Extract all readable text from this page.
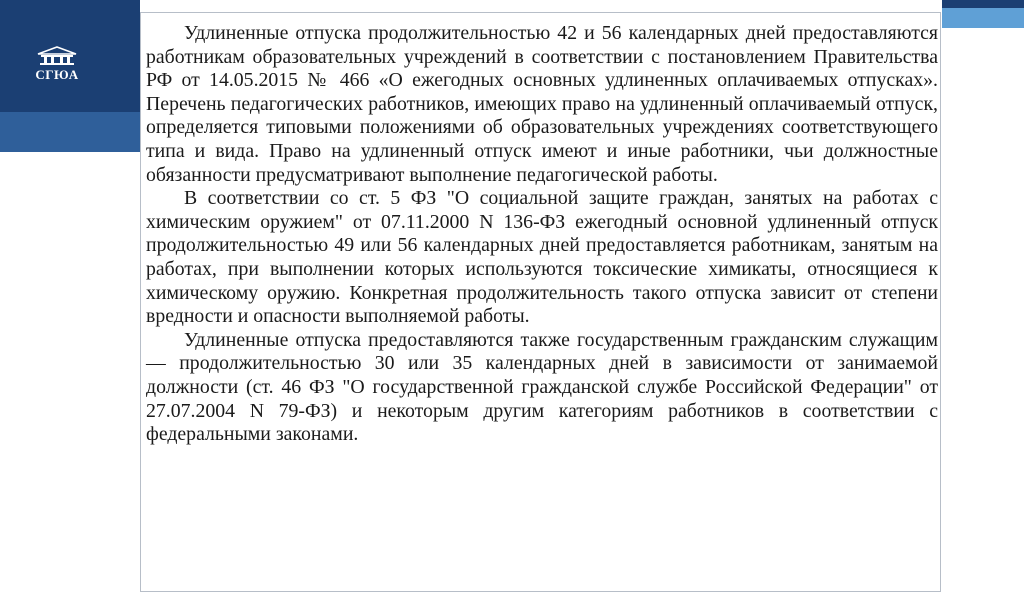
СГЮА

Удлиненные отпуска продолжительностью 42 и 56 календарных дней предоставляются работникам образовательных учреждений в соответствии с постановлением Правительства РФ от 14.05.2015 № 466 «О ежегодных основных удлиненных оплачиваемых отпусках». Перечень педагогических работников, имеющих право на удлиненный оплачиваемый отпуск, определяется типовыми положениями об образовательных учреждениях соответствующего типа и вида. Право на удлиненный отпуск имеют и иные работники, чьи должностные обязанности предусматривают выполнение педагогической работы.

В соответствии со ст. 5 ФЗ "О социальной защите граждан, занятых на работах с химическим оружием" от 07.11.2000 N 136-ФЗ ежегодный основной удлиненный отпуск продолжительностью 49 или 56 календарных дней предоставляется работникам, занятым на работах, при выполнении которых используются токсические химикаты, относящиеся к химическому оружию. Конкретная продолжительность такого отпуска зависит от степени вредности и опасности выполняемой работы.

Удлиненные отпуска предоставляются также государственным гражданским служащим — продолжительностью 30 или 35 календарных дней в зависимости от занимаемой должности (ст. 46 ФЗ "О государственной гражданской службе Российской Федерации" от 27.07.2004 N 79-ФЗ) и некоторым другим категориям работников в соответствии с федеральными законами.
